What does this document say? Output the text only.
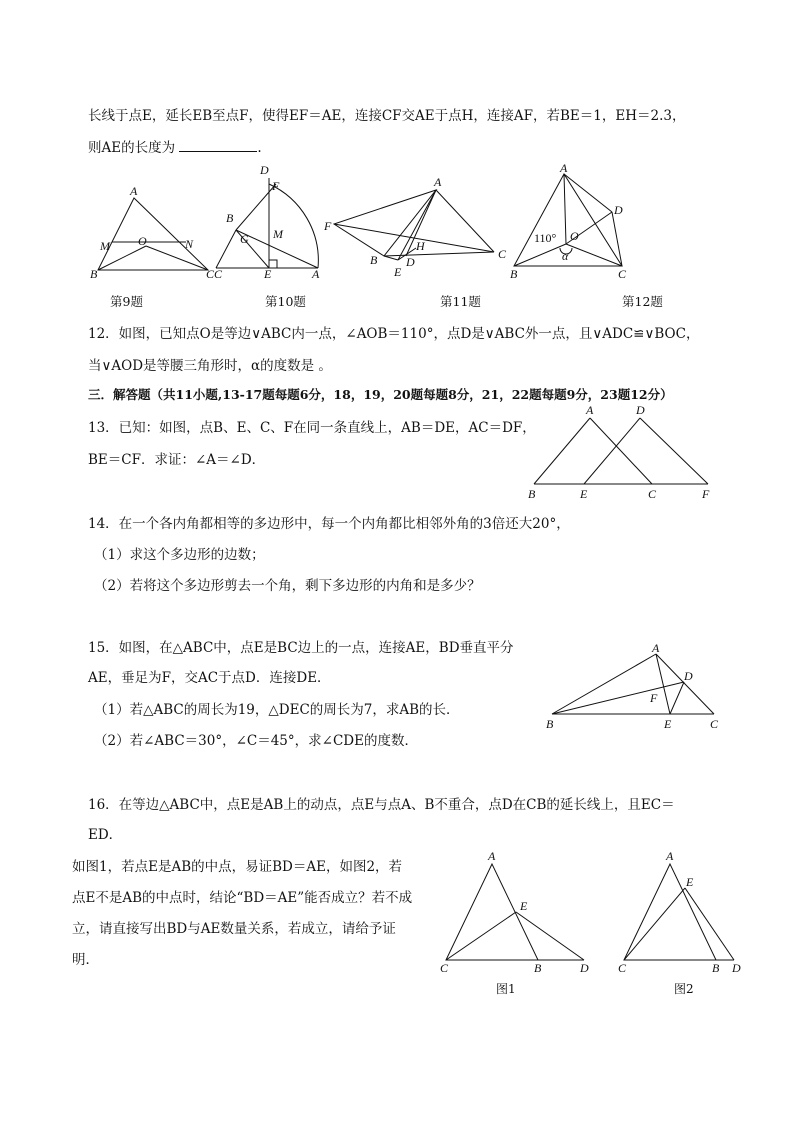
长线于点E，延长EB至点F，使得EF＝AE，连接CF交AE于点H，连接AF，若BE＝1，EH＝2.3，
则AE的长度为	.
A
M O	N
B	C
D
F
B
G M
C	E	A
A
F
H
B
E
D
C
A
D
110° O
α
B	C
第9题	第10题	第11题	第12题
12．如图，已知点O是等边∨ABC内一点，∠AOB＝110°，点D是∨ABC外一点，且∨ADC≌∨BOC，
当∨AOD是等腰三角形时，α的度数是 。
三．解答题（共11小题,13-17题每题6分，18，19，20题每题8分，21，22题每题9分，23题12分）
13．已知：如图，点B、E、C、F在同一条直线上，AB＝DE，AC＝DF，
BE＝CF．求证：∠A＝∠D．
A	D
B	E	C	F
14．在一个各内角都相等的多边形中，每一个内角都比相邻外角的3倍还大20°，
（1）求这个多边形的边数；
（2）若将这个多边形剪去一个角，剩下多边形的内角和是多少？
15．如图，在△ABC中，点E是BC边上的一点，连接AE，BD垂直平分
AE，垂足为F，交AC于点D．连接DE．
（1）若△ABC的周长为19，△DEC的周长为7，求AB的长．
（2）若∠ABC＝30°，∠C＝45°，求∠CDE的度数．
A
D
F
B	E	C
16．在等边△ABC中，点E是AB上的动点，点E与点A、B不重合，点D在CB的延长线上，且EC＝
ED．
如图1，若点E是AB的中点，易证BD＝AE，如图2，若
点E不是AB的中点时，结论“BD＝AE”能否成立？若不成
立，请直接写出BD与AE数量关系，若成立，请给予证
明．
A
E
C	B	D
A
E
C	B D
图1	图2
